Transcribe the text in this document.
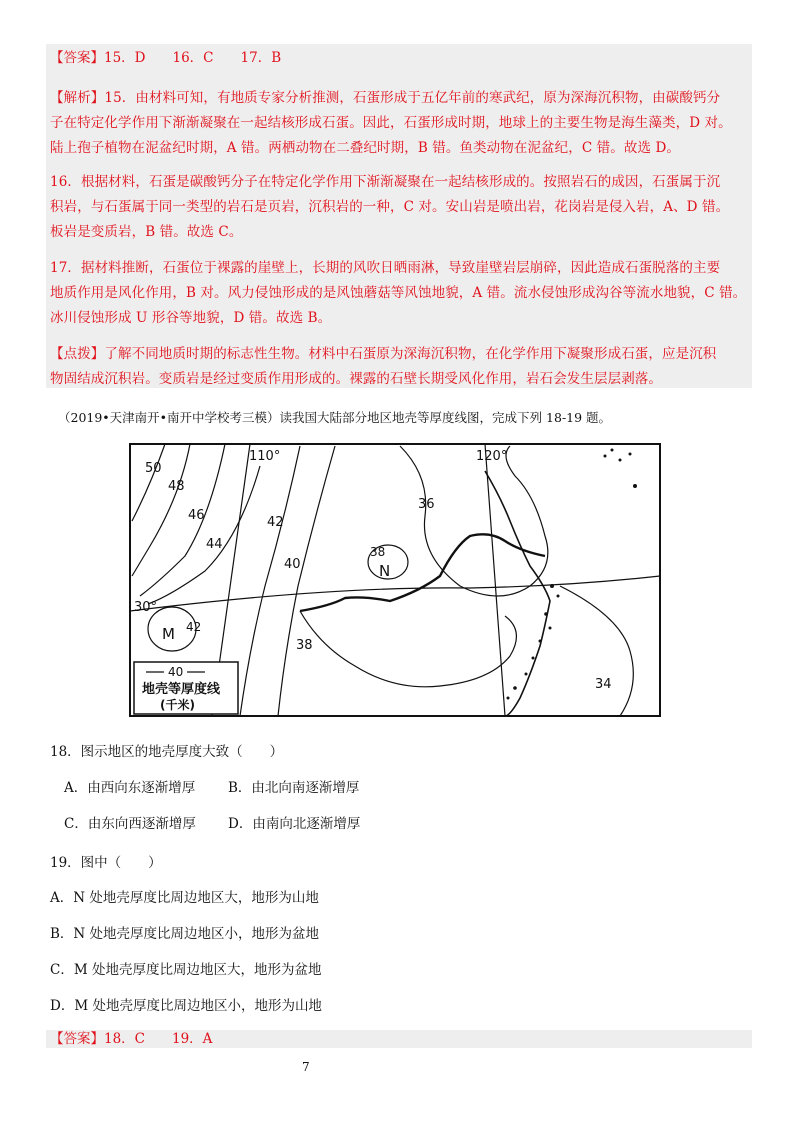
【答案】15．D　　16．C　　17．B
【解析】15．由材料可知，有地质专家分析推测，石蛋形成于五亿年前的寒武纪，原为深海沉积物，由碳酸钙分
子在特定化学作用下渐渐凝聚在一起结核形成石蛋。因此，石蛋形成时期，地球上的主要生物是海生藻类，D 对。
陆上孢子植物在泥盆纪时期，A 错。两栖动物在二叠纪时期，B 错。鱼类动物在泥盆纪，C 错。故选 D。
16．根据材料，石蛋是碳酸钙分子在特定化学作用下渐渐凝聚在一起结核形成的。按照岩石的成因，石蛋属于沉
积岩，与石蛋属于同一类型的岩石是页岩，沉积岩的一种，C 对。安山岩是喷出岩，花岗岩是侵入岩，A、D 错。
板岩是变质岩，B 错。故选 C。
17．据材料推断，石蛋位于裸露的崖壁上，长期的风吹日晒雨淋，导致崖壁岩层崩碎，因此造成石蛋脱落的主要
地质作用是风化作用，B 对。风力侵蚀形成的是风蚀蘑菇等风蚀地貌，A 错。流水侵蚀形成沟谷等流水地貌，C 错。
冰川侵蚀形成 U 形谷等地貌，D 错。故选 B。
【点拨】了解不同地质时期的标志性生物。材料中石蛋原为深海沉积物，在化学作用下凝聚形成石蛋，应是沉积
物固结成沉积岩。变质岩是经过变质作用形成的。裸露的石壁长期受风化作用，岩石会发生层层剥落。
（2019•天津南开•南开中学校考三模）读我国大陆部分地区地壳等厚度线图，完成下列 18-19 题。
110°	120°
30°
50
48
46
44
42
40
36
38
38
42
34
N
M
40
地壳等厚度线
(千米)
18．图示地区的地壳厚度大致（　　）
A．由西向东逐渐增厚 B．由北向南逐渐增厚
C．由东向西逐渐增厚 D．由南向北逐渐增厚
19．图中（　　）
A．N 处地壳厚度比周边地区大，地形为山地
B．N 处地壳厚度比周边地区小，地形为盆地
C．M 处地壳厚度比周边地区大，地形为盆地
D．M 处地壳厚度比周边地区小，地形为山地
【答案】18．C　　19．A
7
